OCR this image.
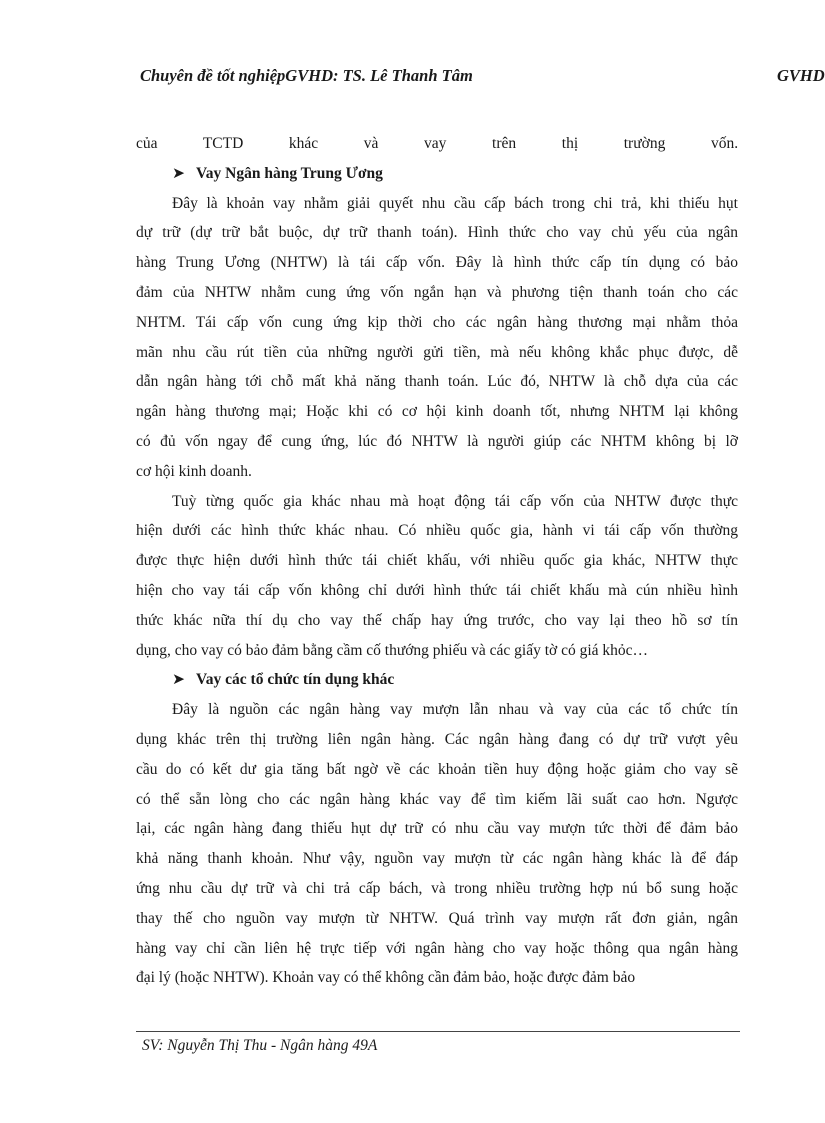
Chuyên đề tốt nghiệpGVHD: TS. Lê Thanh Tâm	GVHD
của	TCTD	khác	và	vay	trên	thị	trường	vốn.
➤ Vay Ngân hàng Trung Ương
Đây là khoản vay nhằm giải quyết nhu cầu cấp bách trong chi trả, khi thiếu hụt
dự trữ (dự trữ bắt buộc, dự trữ thanh toán). Hình thức cho vay chủ yếu của ngân
hàng Trung Ương (NHTW) là tái cấp vốn. Đây là hình thức cấp tín dụng có bảo
đảm của NHTW nhằm cung ứng vốn ngắn hạn và phương tiện thanh toán cho các
NHTM. Tái cấp vốn cung ứng kịp thời cho các ngân hàng thương mại nhằm thỏa
mãn nhu cầu rút tiền của những người gửi tiền, mà nếu không khắc phục được, dễ
dẫn ngân hàng tới chỗ mất khả năng thanh toán. Lúc đó, NHTW là chỗ dựa của các
ngân hàng thương mại; Hoặc khi có cơ hội kinh doanh tốt, nhưng NHTM lại không
có đủ vốn ngay để cung ứng, lúc đó NHTW là người giúp các NHTM không bị lỡ
cơ hội kinh doanh.
Tuỳ từng quốc gia khác nhau mà hoạt động tái cấp vốn của NHTW được thực
hiện dưới các hình thức khác nhau. Có nhiều quốc gia, hành vi tái cấp vốn thường
được thực hiện dưới hình thức tái chiết khấu, với nhiều quốc gia khác, NHTW thực
hiện cho vay tái cấp vốn không chỉ dưới hình thức tái chiết khấu mà cún nhiều hình
thức khác nữa thí dụ cho vay thế chấp hay ứng trước, cho vay lại theo hồ sơ tín
dụng, cho vay có bảo đảm bằng cầm cố thướng phiếu và các giấy tờ có giá khỏc…
➤ Vay các tổ chức tín dụng khác
Đây là nguồn các ngân hàng vay mượn lẫn nhau và vay của các tổ chức tín
dụng khác trên thị trường liên ngân hàng. Các ngân hàng đang có dự trữ vượt yêu
cầu do có kết dư gia tăng bất ngờ về các khoản tiền huy động hoặc giảm cho vay sẽ
có thể sẵn lòng cho các ngân hàng khác vay để tìm kiếm lãi suất cao hơn. Ngược
lại, các ngân hàng đang thiếu hụt dự trữ có nhu cầu vay mượn tức thời để đảm bảo
khả năng thanh khoản. Như vậy, nguồn vay mượn từ các ngân hàng khác là để đáp
ứng nhu cầu dự trữ và chi trả cấp bách, và trong nhiều trường hợp nú bổ sung hoặc
thay thế cho nguồn vay mượn từ NHTW. Quá trình vay mượn rất đơn giản, ngân
hàng vay chỉ cần liên hệ trực tiếp với ngân hàng cho vay hoặc thông qua ngân hàng
đại lý (hoặc NHTW). Khoản vay có thể không cần đảm bảo, hoặc được đảm bảo
SV: Nguyễn Thị Thu - Ngân hàng 49A
